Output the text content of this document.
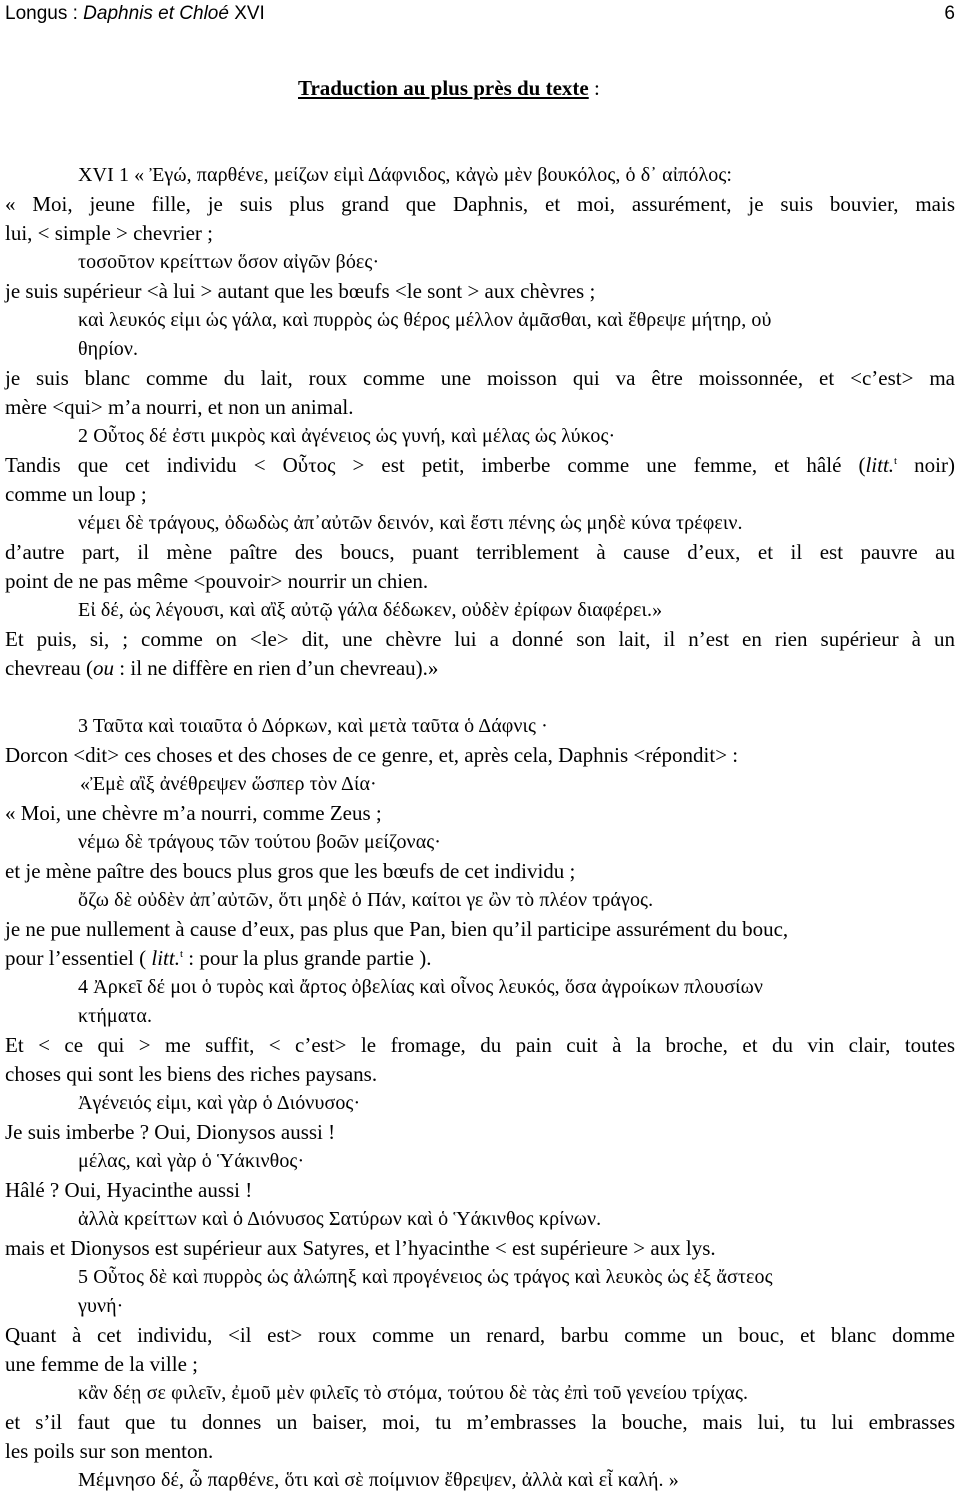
Longus : Daphnis et Chloé XVI	6
Traduction au plus près du texte :
XVI 1 « Ἐγώ, παρθένε, μείζων εἰμὶ Δάφνιδος, κἀγὼ μὲν βουκόλος, ὁ δ᾽ αἰπόλος:
« Moi, jeune fille, je suis plus grand que Daphnis, et moi, assurément, je suis bouvier, mais
lui, < simple > chevrier ;
τοσοῦτον κρείττων ὅσον αἰγῶν βόες·
je suis supérieur <à lui > autant que les bœufs <le sont > aux chèvres ;
καὶ λευκός εἰμι ὡς γάλα, καὶ πυρρὸς ὡς θέρος μέλλον ἀμᾶσθαι, καὶ ἔθρεψε μήτηρ, οὐ
θηρίον.
je suis blanc comme du lait, roux comme une moisson qui va être moissonnée, et <c’est> ma
mère <qui> m’a nourri, et non un animal.
2 Οὗτος δέ ἐστι μικρὸς καὶ ἀγένειος ὡς γυνή, καὶ μέλας ὡς λύκος·
Tandis que cet individu < Οὗτος > est petit, imberbe comme une femme, et hâlé (litt.$^t$ noir)
comme un loup ;
νέμει δὲ τράγους, ὀδωδὼς ἀπ᾽αὐτῶν δεινόν, καὶ ἔστι πένης ὡς μηδὲ κύνα τρέφειν.
d’autre part, il mène paître des boucs, puant terriblement à cause d’eux, et il est pauvre au
point de ne pas même <pouvoir> nourrir un chien.
Εἰ δέ, ὡς λέγουσι, καὶ αἲξ αὐτῷ γάλα δέδωκεν, οὐδὲν ἐρίφων διαφέρει.»
Et puis, si, ; comme on <le> dit, une chèvre lui a donné son lait, il n’est en rien supérieur à un
chevreau (ou : il ne diffère en rien d’un chevreau).»
3 Ταῦτα καὶ τοιαῦτα ὁ Δόρκων, καὶ μετὰ ταῦτα ὁ Δάφνις ·
Dorcon <dit> ces choses et des choses de ce genre, et, après cela, Daphnis <répondit> :
«Ἐμὲ αἲξ ἀνέθρεψεν ὥσπερ τὸν Δία·
« Moi, une chèvre m’a nourri, comme Zeus ;
νέμω δὲ τράγους τῶν τούτου βοῶν μείζονας·
et je mène paître des boucs plus gros que les bœufs de cet individu ;
ὄζω δὲ οὐδὲν ἀπ᾽αὐτῶν, ὅτι μηδὲ ὁ Πάν, καίτοι γε ὢν τὸ πλέον τράγος.
je ne pue nullement à cause d’eux, pas plus que Pan, bien qu’il participe assurément du bouc,
pour l’essentiel ( litt.$^t$ : pour la plus grande partie ).
4 Ἀρκεῖ δέ μοι ὁ τυρὸς καὶ ἄρτος ὀβελίας καὶ οἶνος λευκός, ὅσα ἀγροίκων πλουσίων
κτήματα.
Et < ce qui > me suffit, < c’est> le fromage, du pain cuit à la broche, et du vin clair, toutes
choses qui sont les biens des riches paysans.
Ἀγένειός εἰμι, καὶ γὰρ ὁ Διόνυσος·
Je suis imberbe ? Oui, Dionysos aussi !
μέλας, καὶ γὰρ ὁ Ὑάκινθος·
Hâlé ? Oui, Hyacinthe aussi !
ἀλλὰ κρείττων καὶ ὁ Διόνυσος Σατύρων καὶ ὁ Ὑάκινθος κρίνων.
mais et Dionysos est supérieur aux Satyres, et l’hyacinthe < est supérieure > aux lys.
5 Οὗτος δὲ καὶ πυρρὸς ὡς ἀλώπηξ καὶ προγένειος ὡς τράγος καὶ λευκὸς ὡς ἐξ ἄστεος
γυνή·
Quant à cet individu, <il est> roux comme un renard, barbu comme un bouc, et blanc domme
une femme de la ville ;
κἂν δέῃ σε φιλεῖν, ἐμοῦ μὲν φιλεῖς τὸ στόμα, τούτου δὲ τὰς ἐπὶ τοῦ γενείου τρίχας.
et s’il faut que tu donnes un baiser, moi, tu m’embrasses la bouche, mais lui, tu lui embrasses
les poils sur son menton.
Μέμνησο δέ, ὦ παρθένε, ὅτι καὶ σὲ ποίμνιον ἔθρεψεν, ἀλλὰ καὶ εἶ καλή. »
